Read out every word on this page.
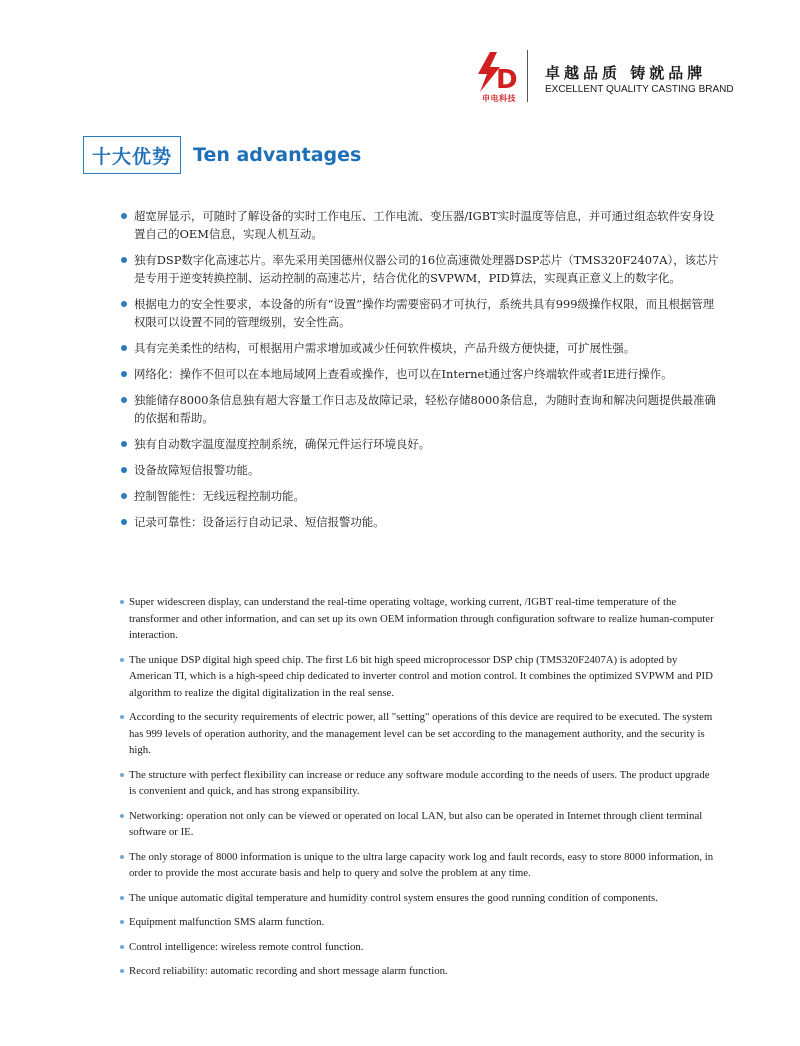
D
申电科技
卓越品质 铸就品牌
EXCELLENT QUALITY CASTING BRAND
十大优势	Ten advantages
超宽屏显示，可随时了解设备的实时工作电压、工作电流、变压器/IGBT实时温度等信息，并可通过组态软件安身设置自己的OEM信息，实现人机互动。
独有DSP数字化高速芯片。率先采用美国德州仪器公司的16位高速微处理器DSP芯片（TMS320F2407A），该芯片是专用于逆变转换控制、运动控制的高速芯片，结合优化的SVPWM，PID算法，实现真正意义上的数字化。
根据电力的安全性要求，本设备的所有“设置”操作均需要密码才可执行，系统共具有999级操作权限，而且根据管理权限可以设置不同的管理级别，安全性高。
具有完美柔性的结构，可根据用户需求增加或减少任何软件模块，产品升级方便快捷，可扩展性强。
网络化：操作不但可以在本地局域网上查看或操作，也可以在Internet通过客户终端软件或者IE进行操作。
独能储存8000条信息独有超大容量工作日志及故障记录，轻松存储8000条信息，为随时查询和解决问题提供最准确的依据和帮助。
独有自动数字温度湿度控制系统，确保元件运行环境良好。
设备故障短信报警功能。
控制智能性：无线远程控制功能。
记录可靠性：设备运行自动记录、短信报警功能。
Super widescreen display, can understand the real-time operating voltage, working current, /IGBT real-time temperature of the transformer and other information, and can set up its own OEM information through configuration software to realize human-computer interaction.
The unique DSP digital high speed chip. The first L6 bit high speed microprocessor DSP chip (TMS320F2407A) is adopted by American TI, which is a high-speed chip dedicated to inverter control and motion control. It combines the optimized SVPWM and PID algorithm to realize the digital digitalization in the real sense.
According to the security requirements of electric power, all "setting" operations of this device are required to be executed. The system has 999 levels of operation authority, and the management level can be set according to the management authority, and the security is high.
The structure with perfect flexibility can increase or reduce any software module according to the needs of users. The product upgrade is convenient and quick, and has strong expansibility.
Networking: operation not only can be viewed or operated on local LAN, but also can be operated in Internet through client terminal software or IE.
The only storage of 8000 information is unique to the ultra large capacity work log and fault records, easy to store 8000 information, in order to provide the most accurate basis and help to query and solve the problem at any time.
The unique automatic digital temperature and humidity control system ensures the good running condition of components.
Equipment malfunction SMS alarm function.
Control intelligence: wireless remote control function.
Record reliability: automatic recording and short message alarm function.
